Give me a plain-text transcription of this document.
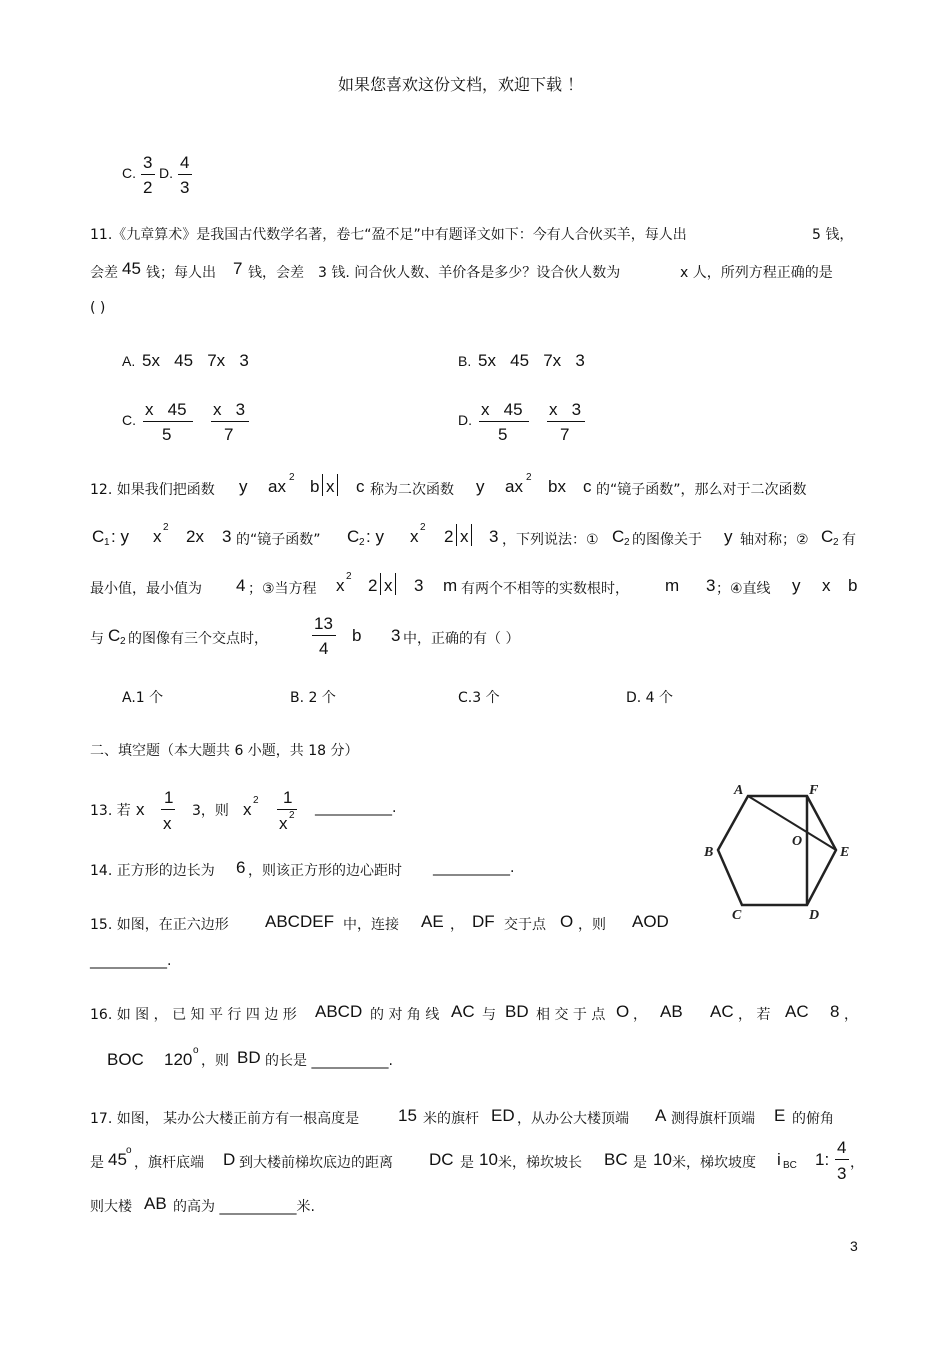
如果您喜欢这份文档，欢迎下载 ！
C.
3
2
D.
4
3
11.《九章算术》是我国古代数学名著，卷七“盈不足”中有题译文如下：今有人合伙买羊，每人出	5 钱，
会差 45 钱；每人出 7 钱，会差 3 钱. 问合伙人数、羊价各是多少？设合伙人数为	x 人，所列方程正确的是
( )
A. 5x   45   7x   3	B. 5x   45   7x   3
C.
x   45
5
x   3
7
D.
x   45
5
x   3
7
12. 如果我们把函数 y ax 2 b x c 称为二次函数 y ax 2 bx c 的“镜子函数”，那么对于二次函数
C 1 : y x 2 2x 3 的“镜子函数” C 2 : y x 2 2 x 3 ，下列说法：① C 2 的图像关于 y 轴对称；② C 2 有
最小值，最小值为 4 ；③当方程 x 2 2 x 3 m 有两个不相等的实数根时， m 3 ；④直线 y x b
与 C 2 的图像有三个交点时，
13
4
b 3 中，正确的有（ ）
A.1 个	B. 2 个	C.3 个	D. 4 个
二、填空题（本大题共 6 小题，共 18 分）
13. 若 x
1
x
3，则 x 2 1
x 2 ___________.
14. 正方形的边长为 6 ，则该正方形的边心距时 ___________.
15. 如图，在正六边形 ABCDEF 中，连接 AE ， DF 交于点 O ，则 AOD
___________.
A	F
B	E
O
C	D
16. 如 图 ， 已 知 平 行 四 边 形 ABCD 的 对 角 线 AC 与 BD 相 交 于 点 O ， AB AC ， 若 AC 8 ，
BOC 120 o
，则 BD 的长是 ___________.
17. 如图， 某办公大楼正前方有一根高度是 15 米的旗杆 ED ，从办公大楼顶端 A 测得旗杆顶端 E 的俯角
是 45 o
，旗杆底端 D 到大楼前梯坎底边的距离 DC 是 10 米，梯坎坡长 BC 是 10 米，梯坎坡度 i BC 1:
4
3
，
则大楼 AB 的高为 ___________米.
3
